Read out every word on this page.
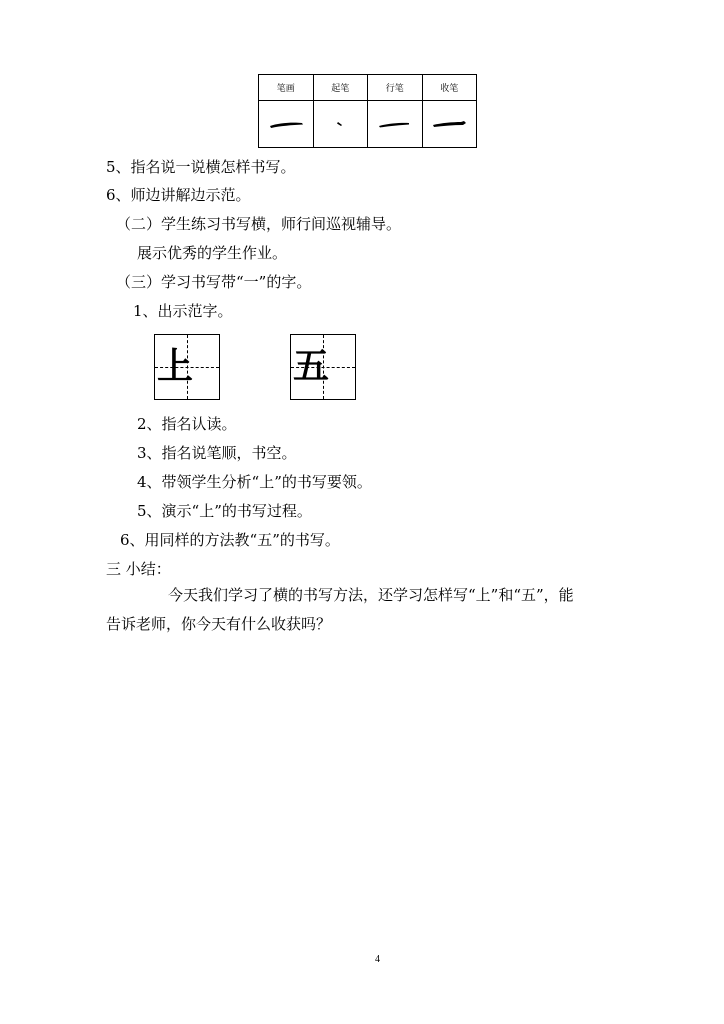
笔画	起笔	行笔	收笔

5、指名说一说横怎样书写。
6、师边讲解边示范。
（二）学生练习书写横，师行间巡视辅导。
展示优秀的学生作业。
（三）学习书写带“一”的字。
1、出示范字。
上	五
2、指名认读。
3、指名说笔顺，书空。
4、带领学生分析“上”的书写要领。
5、演示“上”的书写过程。
6、用同样的方法教“五”的书写。
三 小结：
今天我们学习了横的书写方法，还学习怎样写“上”和“五”，能
告诉老师，你今天有什么收获吗？
4
